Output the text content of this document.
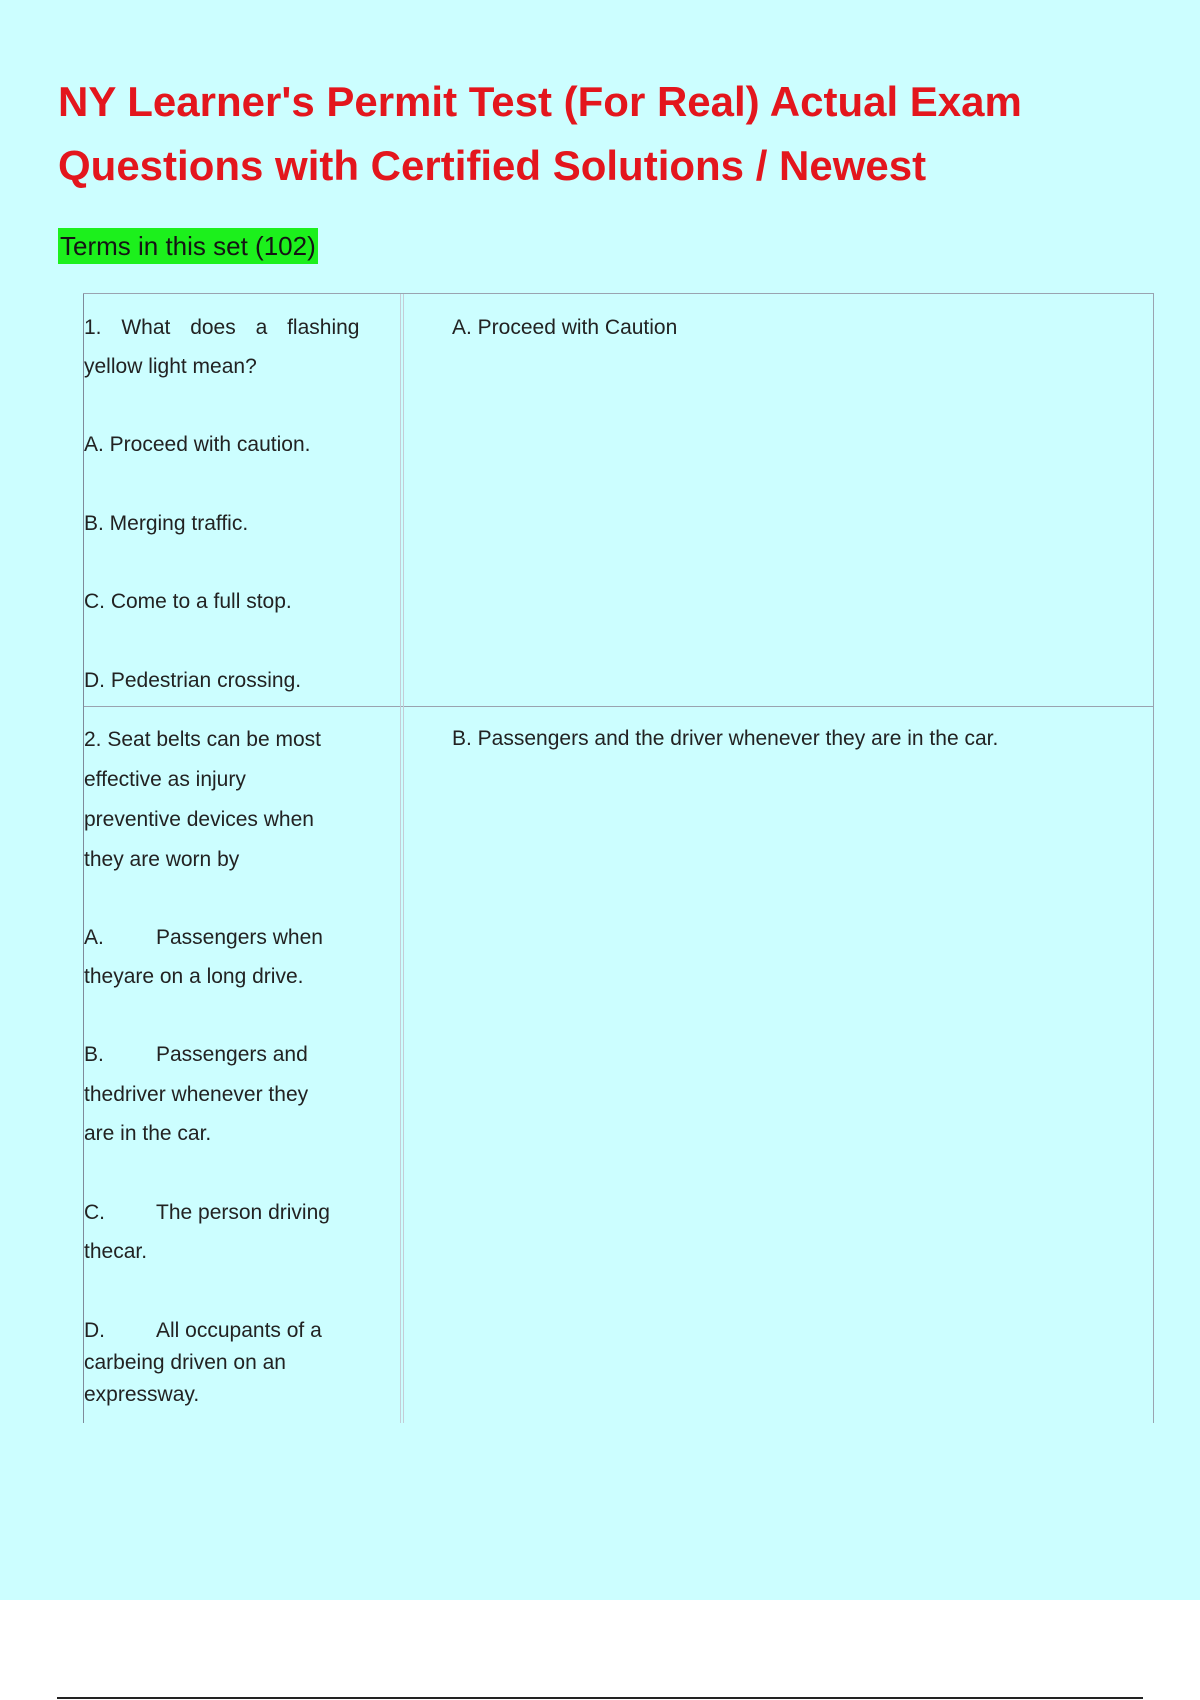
NY Learner's Permit Test (For Real) Actual Exam Questions with Certified Solutions / Newest
Terms in this set (102)
1. What does a flashing
yellow light mean?
A. Proceed with caution.
B. Merging traffic.
C. Come to a full stop.
D. Pedestrian crossing.
A. Proceed with Caution
2. Seat belts can be most
effective as injury
preventive devices when
they are worn by
A. Passengers when
theyare on a long drive.
B. Passengers and
thedriver whenever they
are in the car.
C. The person driving
thecar.
D. All occupants of a
carbeing driven on an
expressway.
B. Passengers and the driver whenever they are in the car.
